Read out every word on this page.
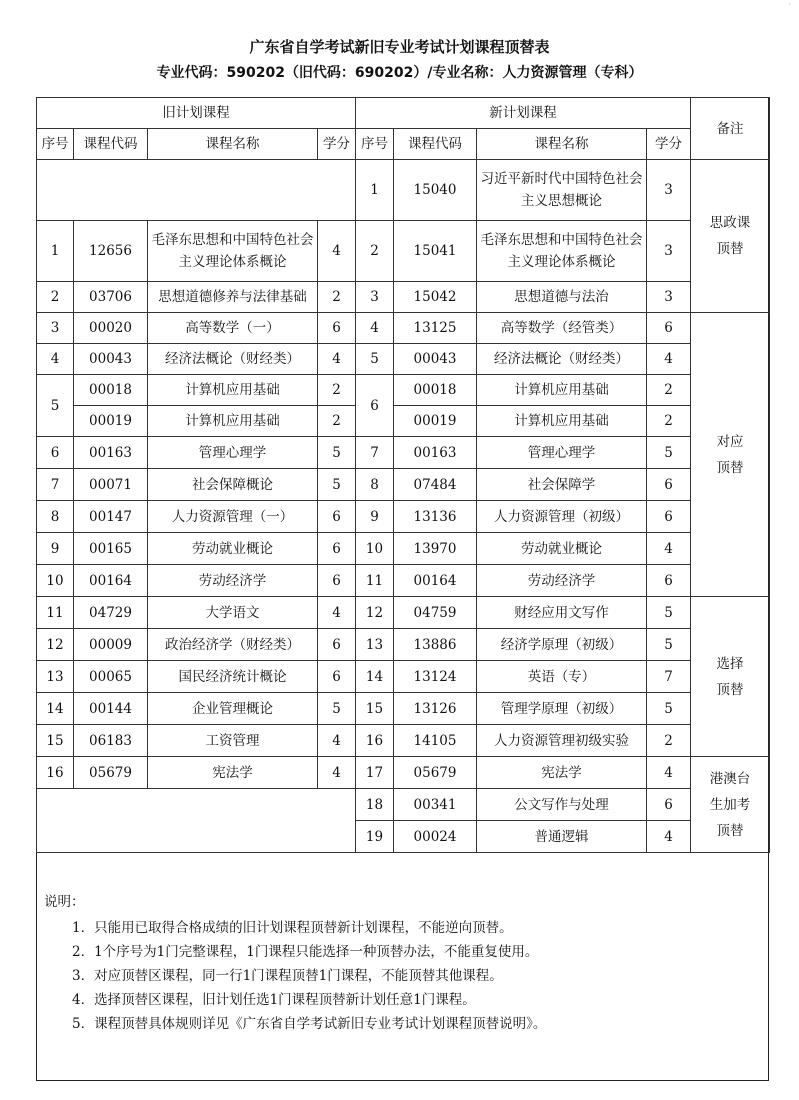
·
广东省自学考试新旧专业考试计划课程顶替表
专业代码：590202（旧代码：690202）/专业名称：人力资源管理（专科）
旧计划课程				新计划课程				备注
序号	课程代码	课程名称	学分	序号	课程代码	课程名称	学分	
				1	15040	习近平新时代中国特色社会主义思想概论	3	思政课顶替

1	12656	毛泽东思想和中国特色社会主义理论体系概论	4	2	15041	毛泽东思想和中国特色社会主义理论体系概论	3	
2	03706	思想道德修养与法律基础	2	3	15042	思想道德与法治	3	
3	00020	高等数学（一）	6	4	13125	高等数学（经管类）	6	对应顶替

4	00043	经济法概论（财经类）	4	5	00043	经济法概论（财经类）	4	
5	00018	计算机应用基础	2	6	00018	计算机应用基础	2	
	00019	计算机应用基础	2		00019	计算机应用基础	2	
6	00163	管理心理学	5	7	00163	管理心理学	5	
7	00071	社会保障概论	5	8	07484	社会保障学	6	
8	00147	人力资源管理（一）	6	9	13136	人力资源管理（初级）	6	
9	00165	劳动就业概论	6	10	13970	劳动就业概论	4	
10	00164	劳动经济学	6	11	00164	劳动经济学	6	
11	04729	大学语文	4	12	04759	财经应用文写作	5	选择顶替

12	00009	政治经济学（财经类）	6	13	13886	经济学原理（初级）	5	
13	00065	国民经济统计概论	6	14	13124	英语（专）	7	
14	00144	企业管理概论	5	15	13126	管理学原理（初级）	5	
15	06183	工资管理	4	16	14105	人力资源管理初级实验	2	
16	05679	宪法学	4	17	05679	宪法学	4	港澳台生加考顶替

				18	00341	公文写作与处理	6	
				19	00024	普通逻辑	4	
说明：
1．只能用已取得合格成绩的旧计划课程顶替新计划课程，不能逆向顶替。
2．1个序号为1门完整课程，1门课程只能选择一种顶替办法，不能重复使用。
3．对应顶替区课程，同一行1门课程顶替1门课程，不能顶替其他课程。
4．选择顶替区课程，旧计划任选1门课程顶替新计划任意1门课程。
5．课程顶替具体规则详见《广东省自学考试新旧专业考试计划课程顶替说明》。
